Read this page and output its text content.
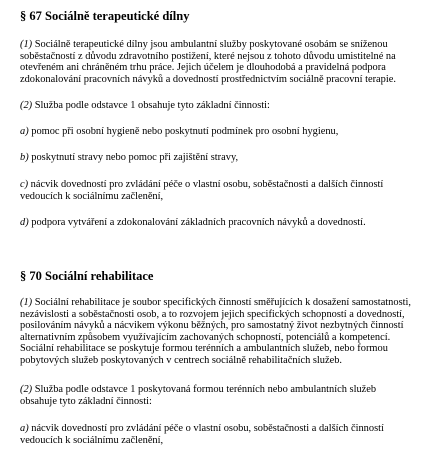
§ 67 Sociálně terapeutické dílny

(1) Sociálně terapeutické dílny jsou ambulantní služby poskytované osobám se sníženou
soběstačností z důvodu zdravotního postižení, které nejsou z tohoto důvodu umistitelné na
otevřeném ani chráněném trhu práce. Jejich účelem je dlouhodobá a pravidelná podpora
zdokonalování pracovních návyků a dovedností prostřednictvím sociálně pracovní terapie.

(2) Služba podle odstavce 1 obsahuje tyto základní činnosti:

a) pomoc při osobní hygieně nebo poskytnutí podmínek pro osobní hygienu,

b) poskytnutí stravy nebo pomoc při zajištění stravy,

c) nácvik dovedností pro zvládání péče o vlastní osobu, soběstačnosti a dalších činností
vedoucích k sociálnímu začlenění,

d) podpora vytváření a zdokonalování základních pracovních návyků a dovedností.

§ 70 Sociální rehabilitace

(1) Sociální rehabilitace je soubor specifických činností směřujících k dosažení samostatnosti,
nezávislosti a soběstačnosti osob, a to rozvojem jejich specifických schopností a dovedností,
posilováním návyků a nácvikem výkonu běžných, pro samostatný život nezbytných činností
alternativním způsobem využívajícím zachovaných schopností, potenciálů a kompetencí.
Sociální rehabilitace se poskytuje formou terénních a ambulantních služeb, nebo formou
pobytových služeb poskytovaných v centrech sociálně rehabilitačních služeb.

(2) Služba podle odstavce 1 poskytovaná formou terénních nebo ambulantních služeb
obsahuje tyto základní činnosti:

a) nácvik dovedností pro zvládání péče o vlastní osobu, soběstačnosti a dalších činností
vedoucích k sociálnímu začlenění,
